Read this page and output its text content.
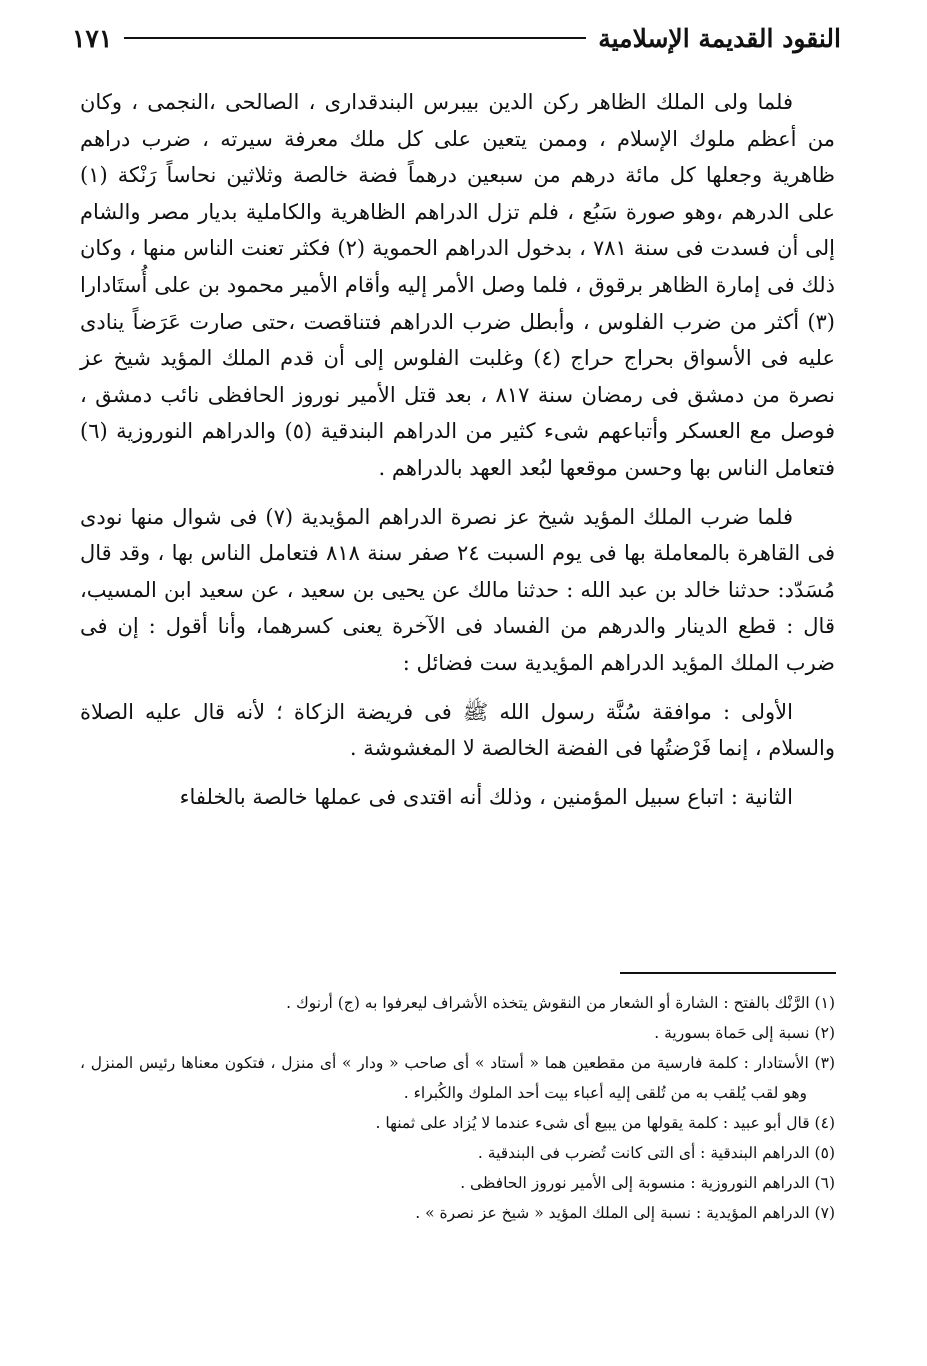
النقود القديمة الإسلامية
١٧١

فلما ولى الملك الظاهر ركن الدين بيبرس البندقدارى ، الصالحى ،النجمى ، وكان من أعظم ملوك الإسلام ، وممن يتعين على كل ملك معرفة سيرته ، ضرب دراهم ظاهرية وجعلها كل مائة درهم من سبعين درهماً فضة خالصة وثلاثين نحاساً رَنْكة (١) على الدرهم ،وهو صورة سَبُع ، فلم تزل الدراهم الظاهرية والكاملية بديار مصر والشام إلى أن فسدت فى سنة ٧٨١ ، بدخول الدراهم الحموية (٢) فكثر تعنت الناس منها ، وكان ذلك فى إمارة الظاهر برقوق ، فلما وصل الأمر إليه وأقام الأمير محمود بن على أُستَادارا (٣) أكثر من ضرب الفلوس ، وأبطل ضرب الدراهم فتناقصت ،حتى صارت عَرَضاً ينادى عليه فى الأسواق بحراج حراج (٤) وغلبت الفلوس إلى أن قدم الملك المؤيد شيخ عز نصرة من دمشق فى رمضان سنة ٨١٧ ، بعد قتل الأمير نوروز الحافظى نائب دمشق ، فوصل مع العسكر وأتباعهم شىء كثير من الدراهم البندقية (٥) والدراهم النوروزية (٦) فتعامل الناس بها وحسن موقعها لبُعد العهد بالدراهم .

فلما ضرب الملك المؤيد شيخ عز نصرة الدراهم المؤيدية (٧) فى شوال منها نودى فى القاهرة بالمعاملة بها فى يوم السبت ٢٤ صفر سنة ٨١٨ فتعامل الناس بها ، وقد قال مُسَدّد: حدثنا خالد بن عبد الله : حدثنا مالك عن يحيى بن سعيد ، عن سعيد ابن المسيب، قال : قطع الدينار والدرهم من الفساد فى الآخرة يعنى كسرهما، وأنا أقول : إن فى ضرب الملك المؤيد الدراهم المؤيدية ست فضائل :

الأولى : موافقة سُنَّة رسول الله ﷺ فى فريضة الزكاة ؛ لأنه قال عليه الصلاة والسلام ، إنما فَرْضتُها فى الفضة الخالصة لا المغشوشة .

الثانية : اتباع سبيل المؤمنين ، وذلك أنه اقتدى فى عملها خالصة بالخلفاء

(١) الرَّنْك بالفتح : الشارة أو الشعار من النقوش يتخذه الأشراف ليعرفوا به (ج) أرنوك .

(٢) نسبة إلى حَماة بسورية .

(٣) الأستادار : كلمة فارسية من مقطعين هما « أستاد » أى صاحب « ودار » أى منزل ، فتكون معناها رئيس المنزل ، وهو لقب يُلقب به من تُلقى إليه أعباء بيت أحد الملوك والكُبراء .

(٤) قال أبو عبيد : كلمة يقولها من يبيع أى شىء عندما لا يُزاد على ثمنها .

(٥) الدراهم البندقية : أى التى كانت تُضرب فى البندقية .

(٦) الدراهم النوروزية : منسوبة إلى الأمير نوروز الحافظى .

(٧) الدراهم المؤيدية : نسبة إلى الملك المؤيد « شيخ عز نصرة » .
